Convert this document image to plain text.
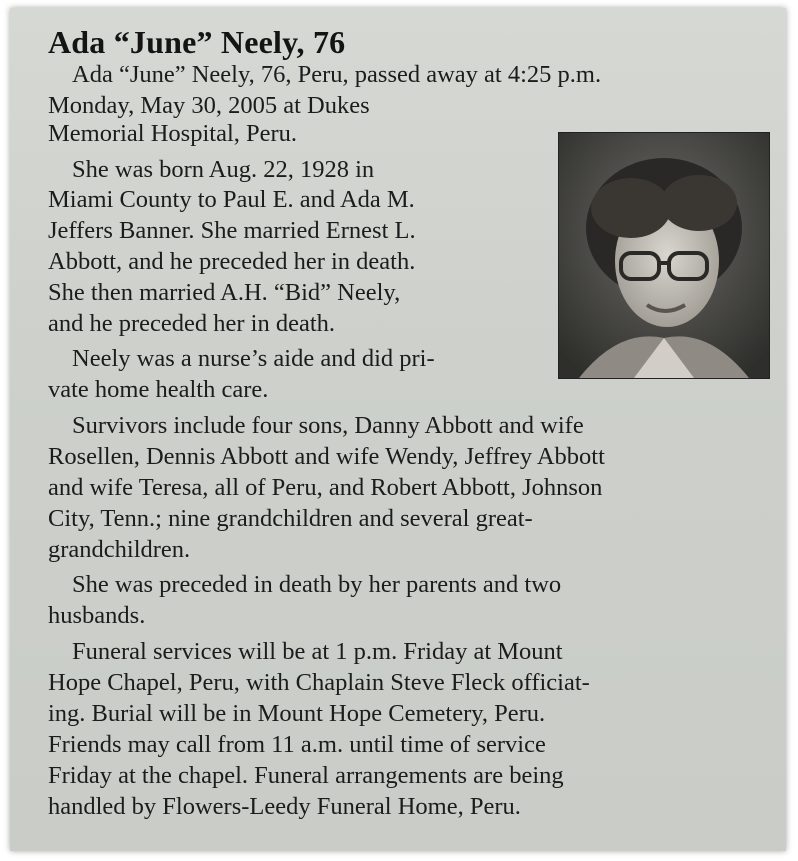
Ada “June” Neely, 76
Ada “June” Neely, 76, Peru, passed away at 4:25 p.m.
Monday, May 30, 2005 at Dukes
Memorial Hospital, Peru.
She was born Aug. 22, 1928 in
Miami County to Paul E. and Ada M.
Jeffers Banner. She married Ernest L.
Abbott, and he preceded her in death.
She then married A.H. “Bid” Neely,
and he preceded her in death.
Neely was a nurse’s aide and did pri-
vate home health care.
Survivors include four sons, Danny Abbott and wife
Rosellen, Dennis Abbott and wife Wendy, Jeffrey Abbott
and wife Teresa, all of Peru, and Robert Abbott, Johnson
City, Tenn.; nine grandchildren and several great-
grandchildren.
She was preceded in death by her parents and two
husbands.
Funeral services will be at 1 p.m. Friday at Mount
Hope Chapel, Peru, with Chaplain Steve Fleck officiat-
ing. Burial will be in Mount Hope Cemetery, Peru.
Friends may call from 11 a.m. until time of service
Friday at the chapel. Funeral arrangements are being
handled by Flowers-Leedy Funeral Home, Peru.
